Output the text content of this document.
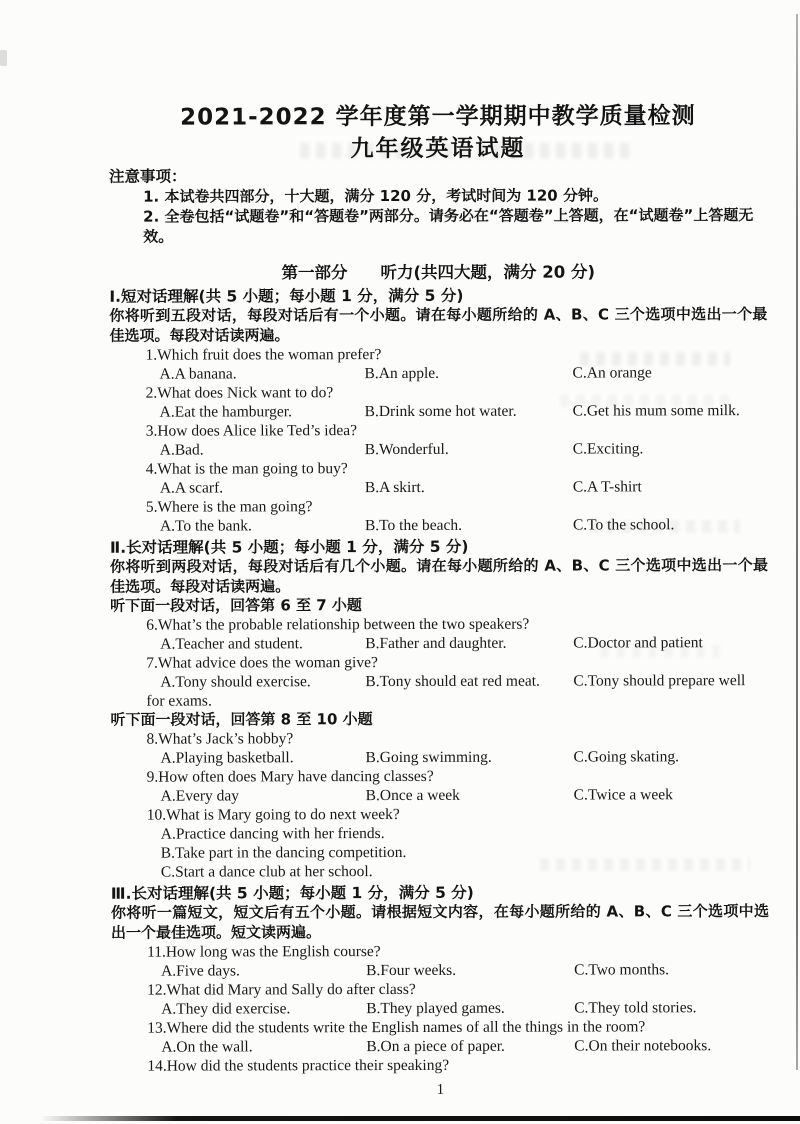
2021-2022 学年度第一学期期中教学质量检测
九年级英语试题
注意事项：
1. 本试卷共四部分，十大题，满分 120 分，考试时间为 120 分钟。
2. 全卷包括“试题卷”和“答题卷”两部分。请务必在“答题卷”上答题，在“试题卷”上答题无效。
第一部分　　听力(共四大题，满分 20 分)
Ⅰ.短对话理解(共 5 小题；每小题 1 分，满分 5 分)
你将听到五段对话，每段对话后有一个小题。请在每小题所给的 A、B、C 三个选项中选出一个最佳选项。每段对话读两遍。
1.Which fruit does the woman prefer?
A.A banana.	B.An apple.	C.An orange
2.What does Nick want to do?
A.Eat the hamburger.	B.Drink some hot water.	C.Get his mum some milk.
3.How does Alice like Ted’s idea?
A.Bad.	B.Wonderful.	C.Exciting.
4.What is the man going to buy?
A.A scarf.	B.A skirt.	C.A T-shirt
5.Where is the man going?
A.To the bank.	B.To the beach.	C.To the school.
Ⅱ.长对话理解(共 5 小题；每小题 1 分，满分 5 分)
你将听到两段对话，每段对话后有几个小题。请在每小题所给的 A、B、C 三个选项中选出一个最佳选项。每段对话读两遍。
听下面一段对话，回答第 6 至 7 小题
6.What’s the probable relationship between the two speakers?
A.Teacher and student.	B.Father and daughter.	C.Doctor and patient
7.What advice does the woman give?
A.Tony should exercise.	B.Tony should eat red meat.	C.Tony should prepare well
for exams.
听下面一段对话，回答第 8 至 10 小题
8.What’s Jack’s hobby?
A.Playing basketball.	B.Going swimming.	C.Going skating.
9.How often does Mary have dancing classes?
A.Every day	B.Once a week	C.Twice a week
10.What is Mary going to do next week?
A.Practice dancing with her friends.
B.Take part in the dancing competition.
C.Start a dance club at her school.
Ⅲ.长对话理解(共 5 小题；每小题 1 分，满分 5 分)
你将听一篇短文，短文后有五个小题。请根据短文内容，在每小题所给的 A、B、C 三个选项中选出一个最佳选项。短文读两遍。
11.How long was the English course?
A.Five days.	B.Four weeks.	C.Two months.
12.What did Mary and Sally do after class?
A.They did exercise.	B.They played games.	C.They told stories.
13.Where did the students write the English names of all the things in the room?
A.On the wall.	B.On a piece of paper.	C.On their notebooks.
14.How did the students practice their speaking?
1
